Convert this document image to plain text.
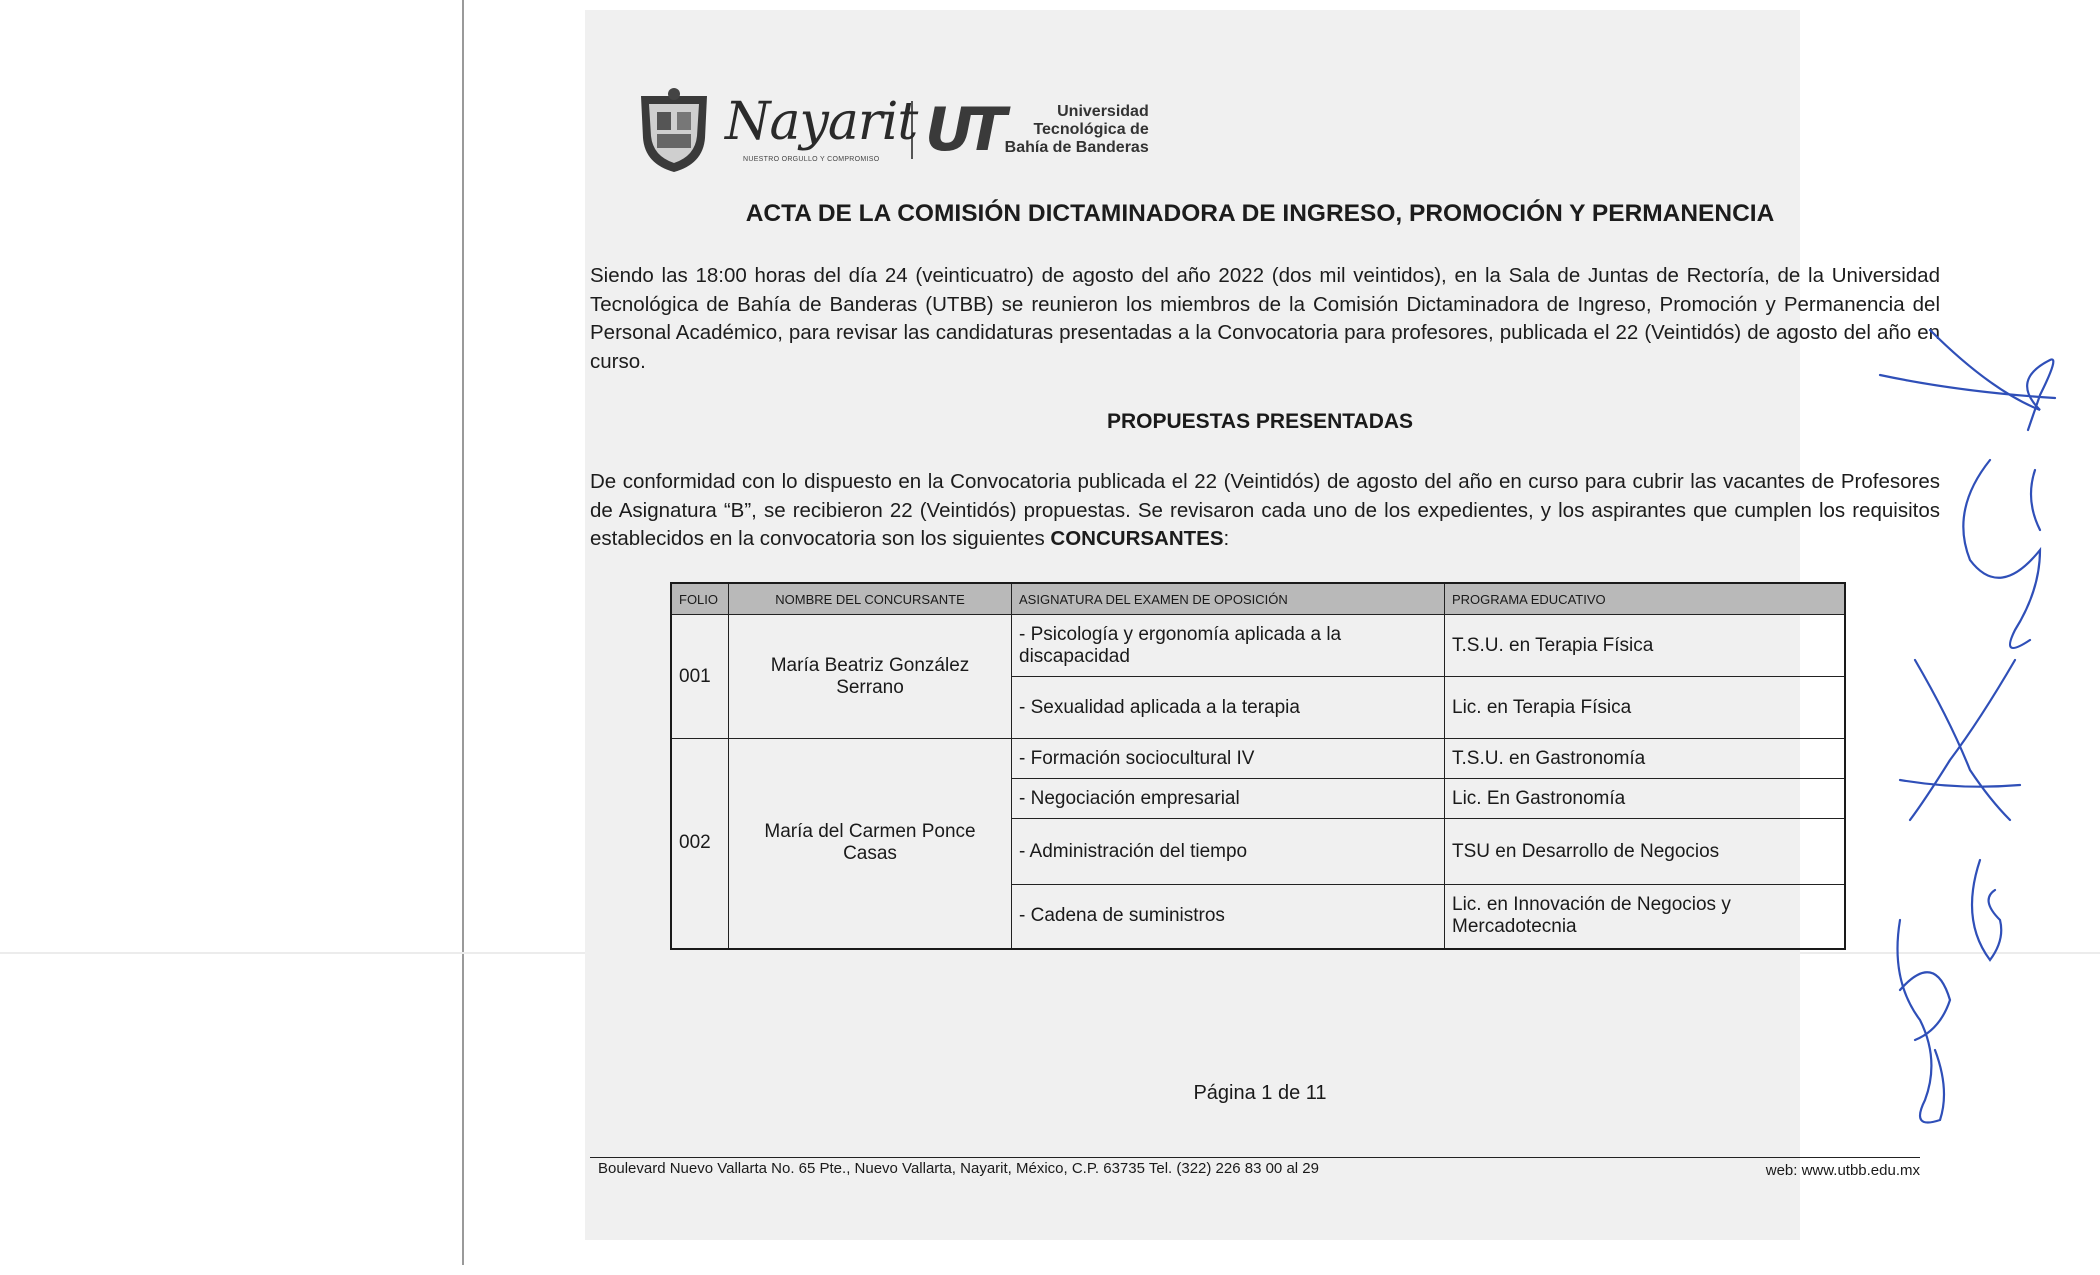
Nayarit
NUESTRO ORGULLO Y COMPROMISO UT	Universidad
Tecnológica de
Bahía de Banderas
ACTA DE LA COMISIÓN DICTAMINADORA DE INGRESO, PROMOCIÓN Y PERMANENCIA

Siendo las 18:00 horas del día 24 (veinticuatro) de agosto del año 2022 (dos mil veintidos), en la Sala de Juntas de Rectoría, de la Universidad Tecnológica de Bahía de Banderas (UTBB) se reunieron los miembros de la Comisión Dictaminadora de Ingreso, Promoción y Permanencia del Personal Académico, para revisar las candidaturas presentadas a la Convocatoria para profesores, publicada el 22 (Veintidós) de agosto del año en curso.

PROPUESTAS PRESENTADAS

De conformidad con lo dispuesto en la Convocatoria publicada el 22 (Veintidós) de agosto del año en curso para cubrir las vacantes de Profesores de Asignatura “B”, se recibieron 22 (Veintidós) propuestas. Se revisaron cada uno de los expedientes, y los aspirantes que cumplen los requisitos establecidos en la convocatoria son los siguientes CONCURSANTES:

FOLIO	NOMBRE DEL CONCURSANTE	ASIGNATURA DEL EXAMEN DE OPOSICIÓN	PROGRAMA EDUCATIVO
001	María Beatriz González Serrano	- Psicología y ergonomía aplicada a la discapacidad	T.S.U. en Terapia Física
		- Sexualidad aplicada a la terapia	Lic. en Terapia Física
002	María del Carmen Ponce Casas	- Formación sociocultural IV	T.S.U. en Gastronomía
		- Negociación empresarial	Lic. En Gastronomía
		- Administración del tiempo	TSU en Desarrollo de Negocios
		- Cadena de suministros	Lic. en Innovación de Negocios y Mercadotecnia
Página 1 de 11
Boulevard Nuevo Vallarta No. 65 Pte., Nuevo Vallarta, Nayarit, México, C.P. 63735 Tel. (322) 226 83 00 al 29	web: www.utbb.edu.mx
